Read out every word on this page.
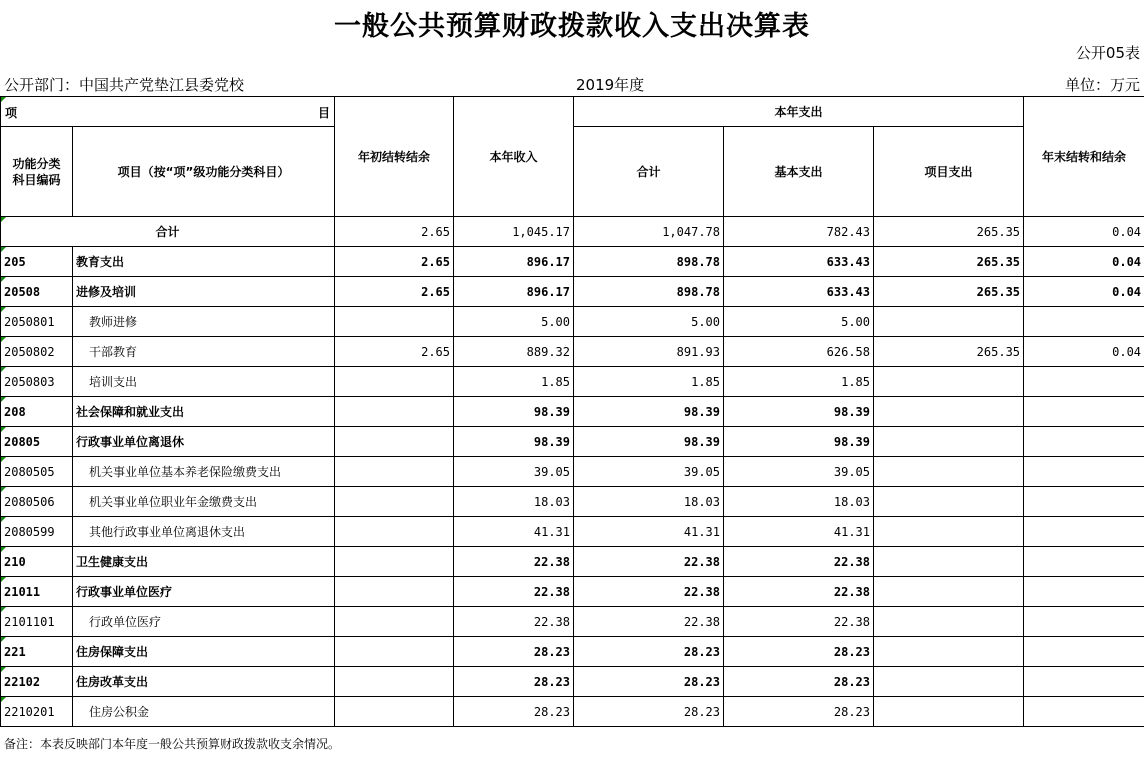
一般公共预算财政拨款收入支出决算表
公开05表
公开部门：中国共产党垫江县委党校	2019年度	单位：万元
项 目		年初结转结余	本年收入	本年支出			年末结转和结余
功能分类
科目编码	项目（按“项”级功能分类科目）			合计	基本支出	项目支出	
合计		2.65	1,045.17	1,047.78	782.43	265.35	0.04
205	教育支出	2.65	896.17	898.78	633.43	265.35	0.04
20508	进修及培训	2.65	896.17	898.78	633.43	265.35	0.04
2050801	教师进修		5.00	5.00	5.00		
2050802	干部教育	2.65	889.32	891.93	626.58	265.35	0.04
2050803	培训支出		1.85	1.85	1.85		
208	社会保障和就业支出		98.39	98.39	98.39		
20805	行政事业单位离退休		98.39	98.39	98.39		
2080505	机关事业单位基本养老保险缴费支出		39.05	39.05	39.05		
2080506	机关事业单位职业年金缴费支出		18.03	18.03	18.03		
2080599	其他行政事业单位离退休支出		41.31	41.31	41.31		
210	卫生健康支出		22.38	22.38	22.38		
21011	行政事业单位医疗		22.38	22.38	22.38		
2101101	行政单位医疗		22.38	22.38	22.38		
221	住房保障支出		28.23	28.23	28.23		
22102	住房改革支出		28.23	28.23	28.23		
2210201	住房公积金		28.23	28.23	28.23		
备注：本表反映部门本年度一般公共预算财政拨款收支余情况。
